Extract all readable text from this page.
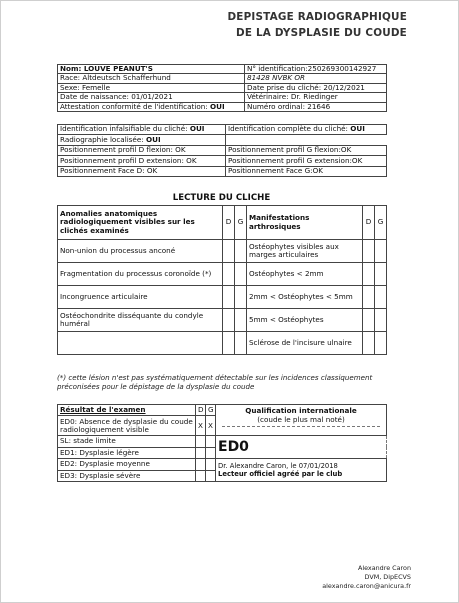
DEPISTAGE RADIOGRAPHIQUE
DE LA DYSPLASIE DU COUDE
Nom: LOUVE PEANUT'S	N° identification:250269300142927
Race: Altdeutsch Schafferhund	81428 NVBK OR
Sexe: Femelle	Date prise du cliché: 20/12/2021
Date de naissance: 01/01/2021	Vétérinaire: Dr. Riedinger
Attestation conformité de l'identification: OUI	Numéro ordinal: 21646
Identification infalsifiable du cliché: OUI	Identification complète du cliché: OUI
Radiographie localisée: OUI	
Positionnement profil D flexion: OK	Positionnement profil G flexion:OK
Positionnement profil D extension: OK	Positionnement profil G extension:OK
Positionnement Face D: OK	Positionnement Face G:OK
LECTURE DU CLICHE
Anomalies anatomiques radiologiquement visibles sur les clichés examinés	D	G	Manifestations arthrosiques	D	G
Non-union du processus anconé			Ostéophytes visibles aux marges articulaires		
Fragmentation du processus coronoïde (*)			Ostéophytes < 2mm		
Incongruence articulaire			2mm < Ostéophytes < 5mm		
Ostéochondrite disséquante du condyle huméral			5mm < Ostéophytes		
			Sclérose de l'incisure ulnaire		
(*) cette lésion n'est pas systématiquement détectable sur les incidences classiquement préconisées pour le dépistage de la dysplasie du coude
Résultat de l'examen	D	G	Qualification internationale
(coude le plus mal noté)

ED0: Absence de dysplasie du coude radiologiquement visible	X	X	
SL: stade limite			ED0
ED1: Dysplasie légère			
ED2: Dysplasie moyenne			Dr. Alexandre Caron, le 07/01/2018
Lecteur officiel agréé par le club

ED3: Dysplasie sévère			
Alexandre Caron
DVM, DipECVS
alexandre.caron@anicura.fr
